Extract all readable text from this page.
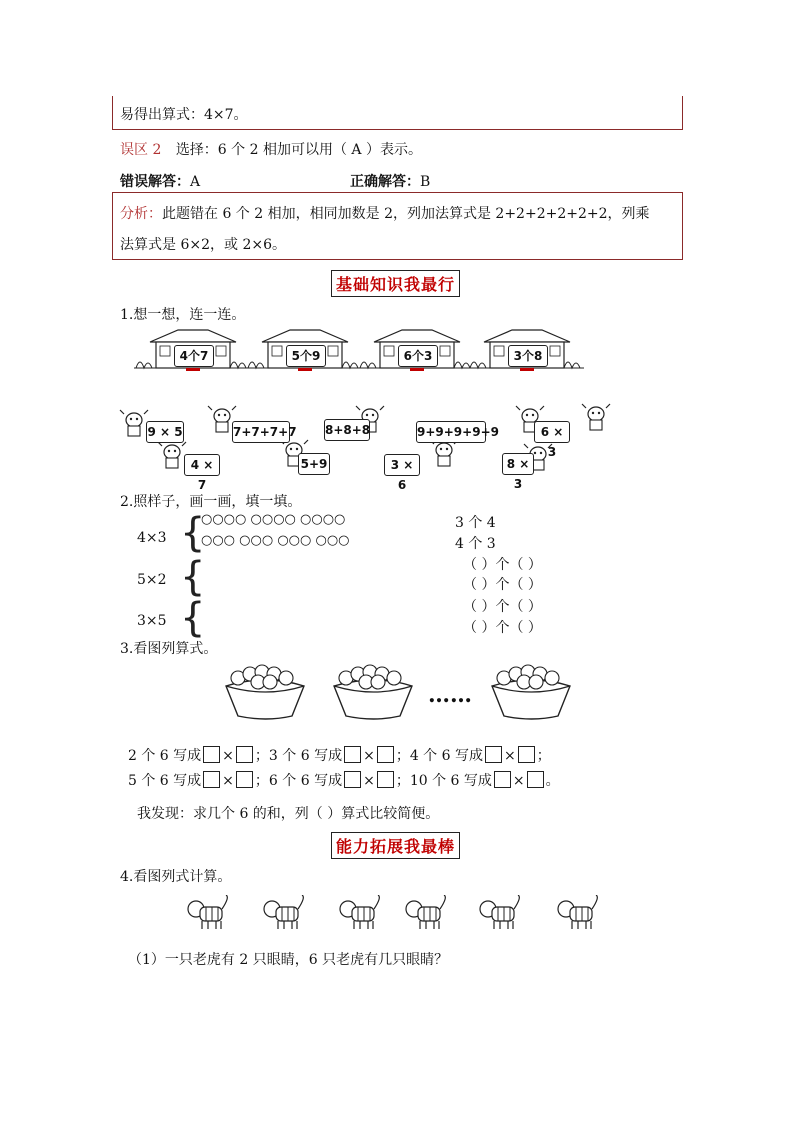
易得出算式：4×7。
误区 2 选择：6 个 2 相加可以用（ A ）表示。
错误解答：A	正确解答：B
分析：此题错在 6 个 2 相加，相同加数是 2，列加法算式是 2+2+2+2+2+2，列乘
法算式是 6×2，或 2×6。
基础知识我最行
1.想一想，连一连。
4个7	5个9	6个3	3个8
9 × 5	7+7+7+7 8+8+8	9+9+9+9+9	6 × 3
4 × 7
5+9	3 × 6
8 × 3
2.照样子，画一画，填一填。
4×3 {
○○○○ ○○○○ ○○○○
○○○ ○○○ ○○○ ○○○
3 个 4
4 个 3
5×2 {	（ ）个（ ）
（ ）个（ ）
3×5 {	（ ）个（ ）
（ ）个（ ）
3.看图列算式。
……
2 个 6 写成 × ；3 个 6 写成 × ；4 个 6 写成 × ；
5 个 6 写成 × ；6 个 6 写成 × ；10 个 6 写成 × 。
我发现：求几个 6 的和，列（ ）算式比较简便。
能力拓展我最棒
4.看图列式计算。
（1）一只老虎有 2 只眼睛，6 只老虎有几只眼睛？
